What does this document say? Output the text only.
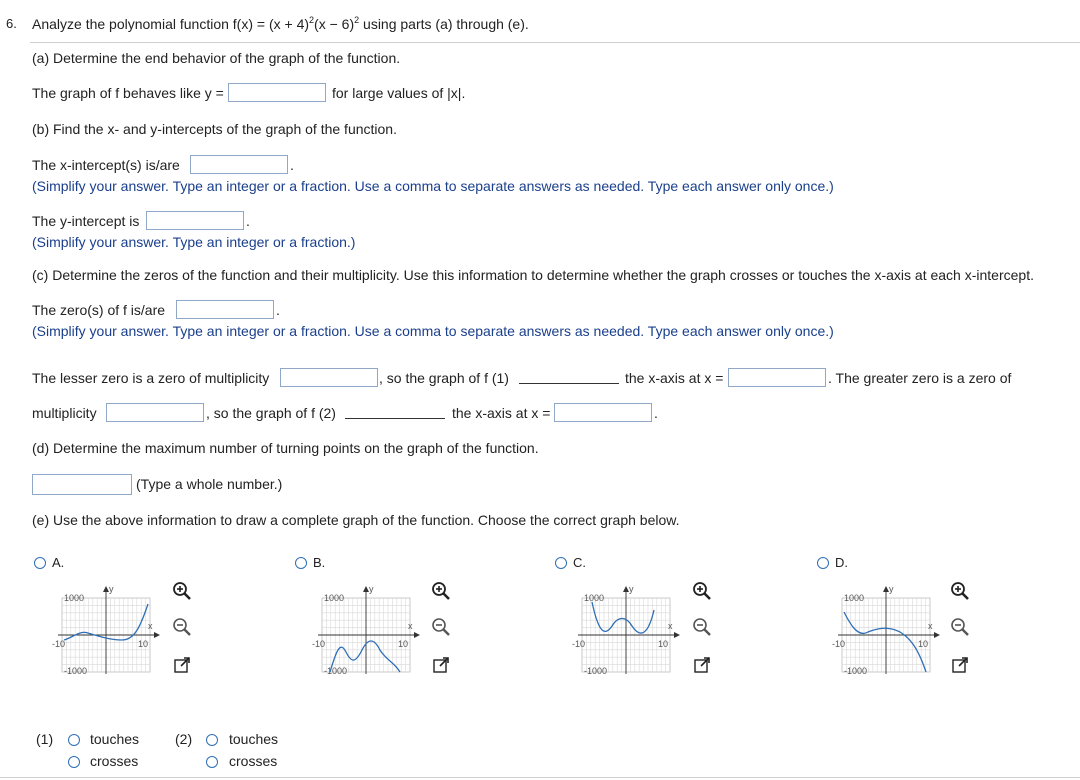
6. Analyze the polynomial function $f(x) = (x + 4)^2(x - 6)^2$ using parts (a) through (e).
(a) Determine the end behavior of the graph of the function.
The graph of f behaves like y =	for large values of |x|.
(b) Find the x- and y-intercepts of the graph of the function.
The x-intercept(s) is/are	.
(Simplify your answer. Type an integer or a fraction. Use a comma to separate answers as needed. Type each answer only once.)
The y-intercept is	.
(Simplify your answer. Type an integer or a fraction.)
(c) Determine the zeros of the function and their multiplicity. Use this information to determine whether the graph crosses or touches the x-axis at each x-intercept.
The zero(s) of f is/are	.
(Simplify your answer. Type an integer or a fraction. Use a comma to separate answers as needed. Type each answer only once.)
The lesser zero is a zero of multiplicity	, so the graph of f (1)	the x-axis at x =	. The greater zero is a zero of
multiplicity	, so the graph of f (2)	the x-axis at x =	.
(d) Determine the maximum number of turning points on the graph of the function.
(Type a whole number.)
(e) Use the above information to draw a complete graph of the function. Choose the correct graph below.
A.
y
x
1000
-1000
-10	10
B.
y
x
1000
-1000
-10	10
C.
y
x
1000
-1000
-10	10
D.
y
x
1000
-1000
-10	10
(1)	touches
crosses
(2)	touches
crosses
